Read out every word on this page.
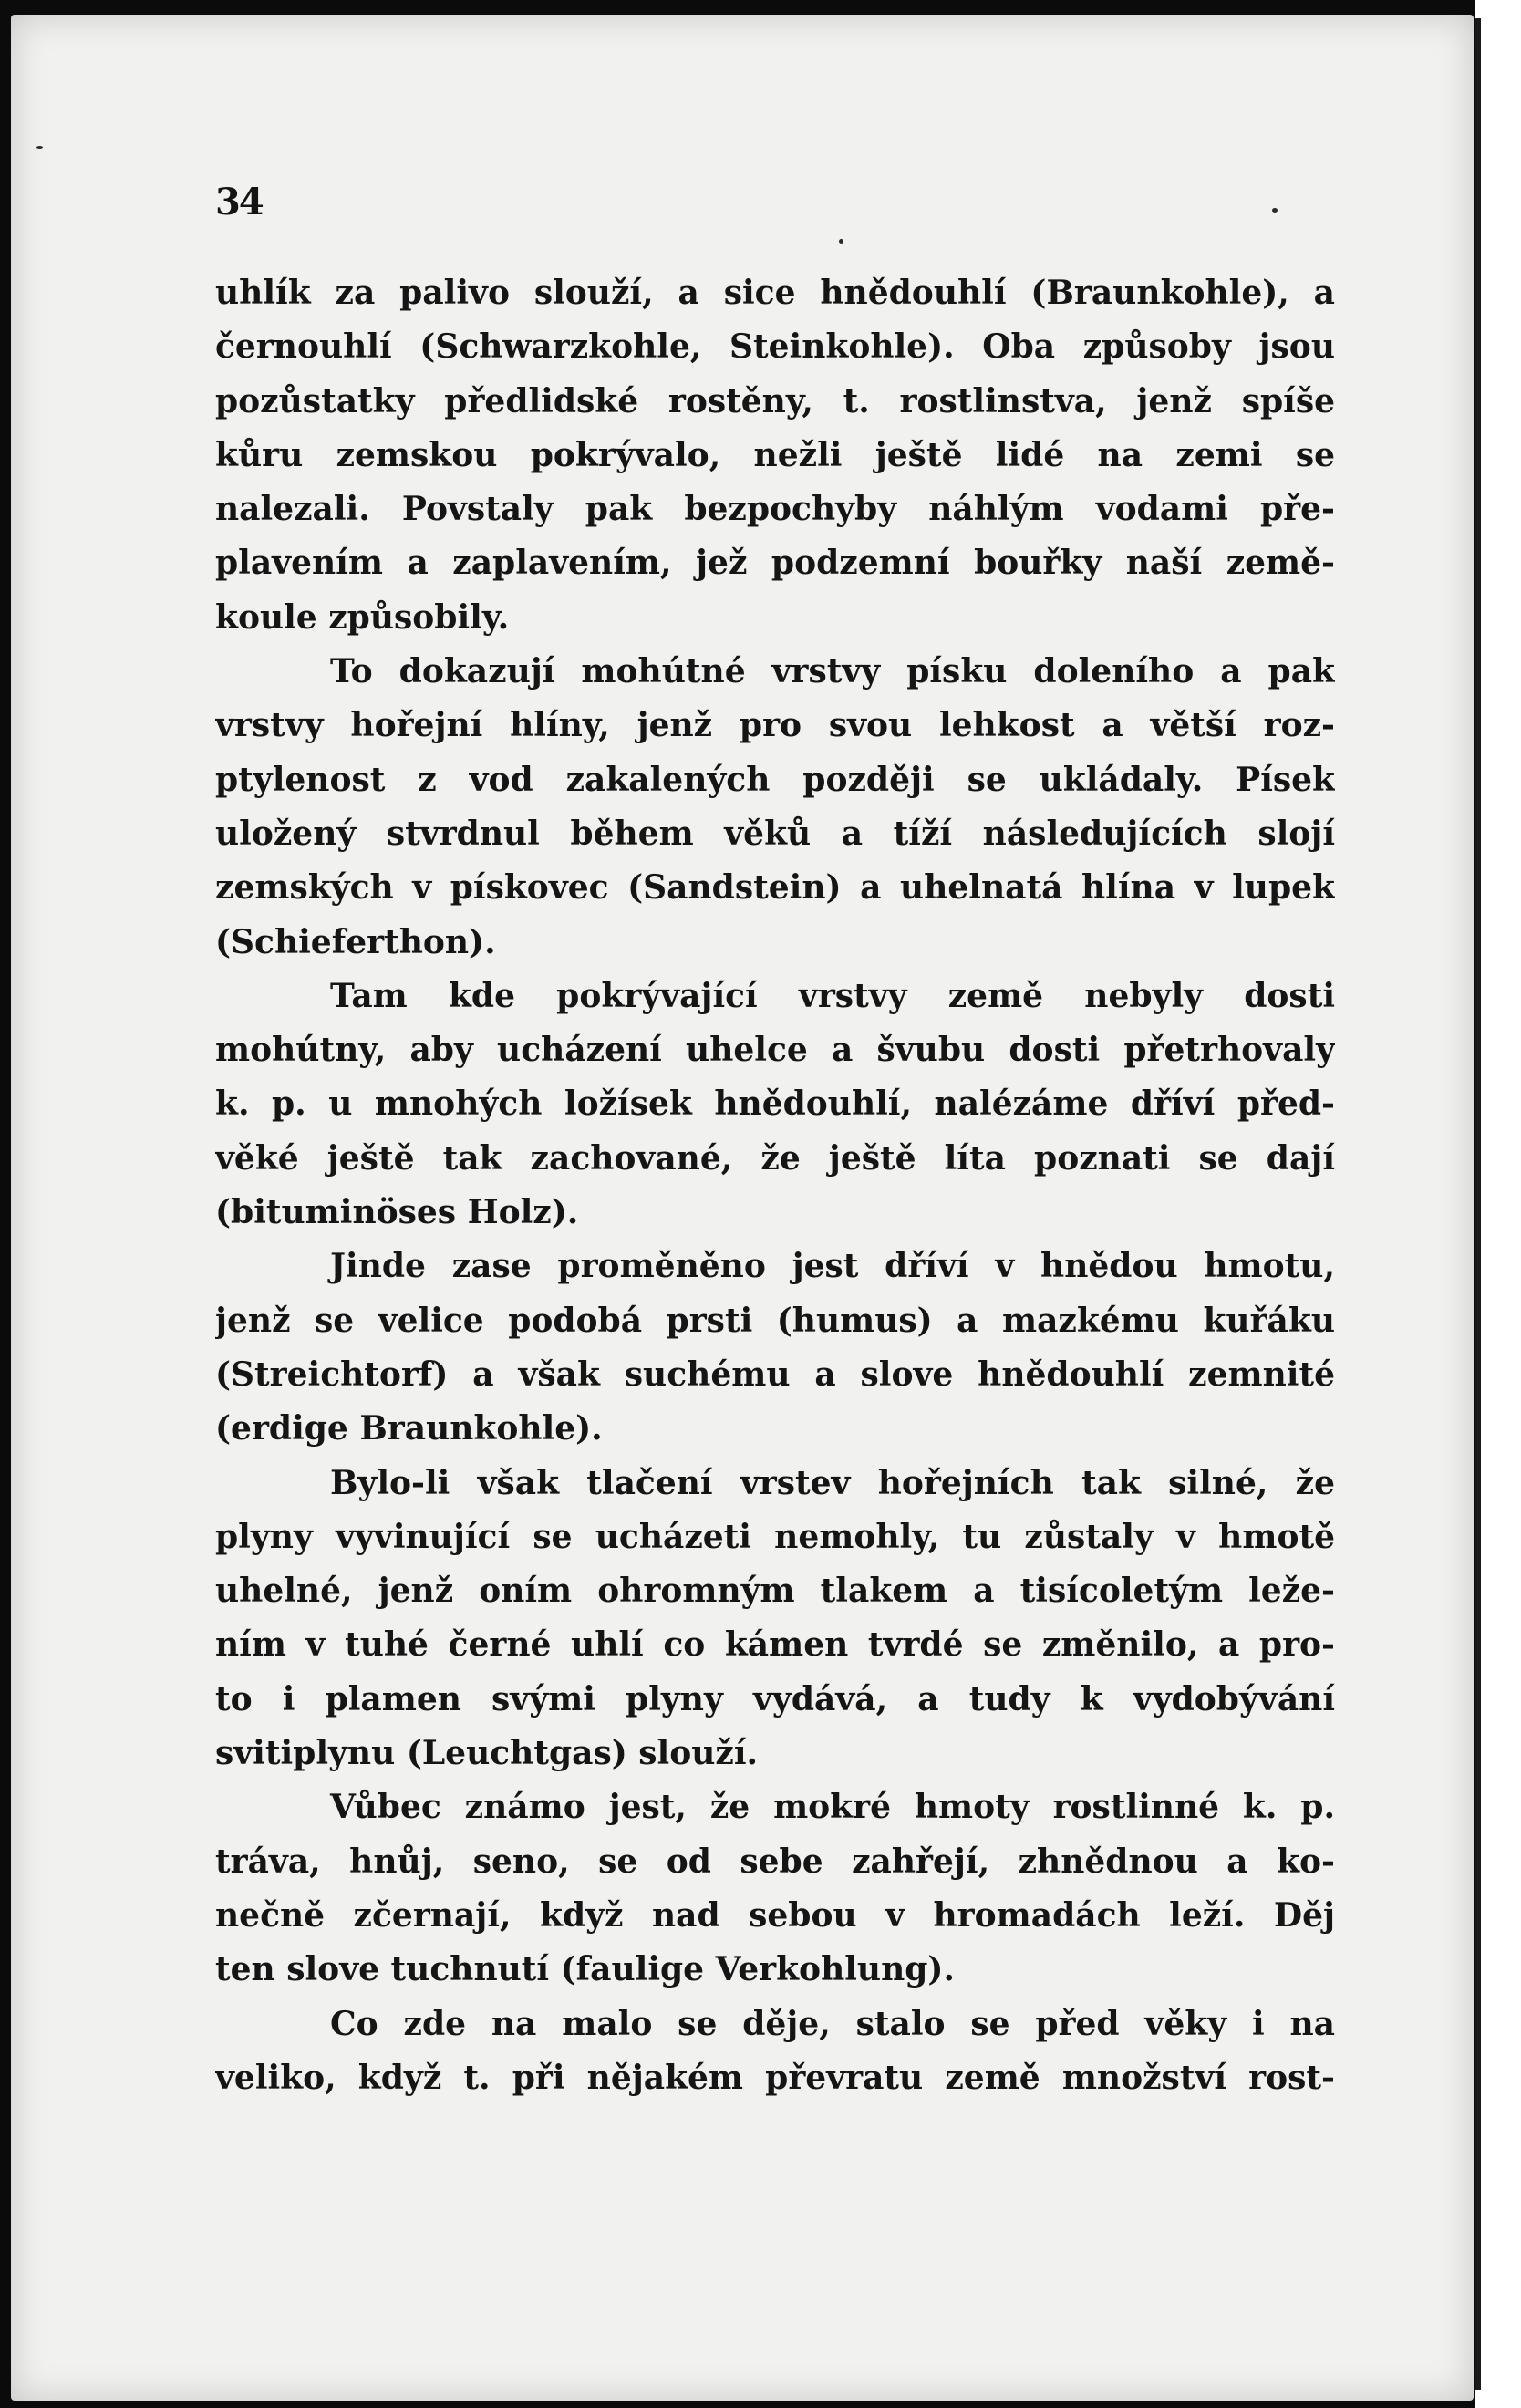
34
uhlík za palivo slouží, a sice hnědouhlí (Braunkohle), a
černouhlí (Schwarzkohle, Steinkohle). Oba způsoby jsou
pozůstatky předlidské rostěny, t. rostlinstva, jenž spíše
kůru zemskou pokrývalo, nežli ještě lidé na zemi se
nalezali. Povstaly pak bezpochyby náhlým vodami pře-
plavením a zaplavením, jež podzemní bouřky naší země-
koule způsobily.
To dokazují mohútné vrstvy písku doleního a pak
vrstvy hořejní hlíny, jenž pro svou lehkost a větší roz-
ptylenost z vod zakalených později se ukládaly. Písek
uložený stvrdnul během věků a tíží následujících slojí
zemských v pískovec (Sandstein) a uhelnatá hlína v lupek
(Schieferthon).
Tam kde pokrývající vrstvy země nebyly dosti
mohútny, aby ucházení uhelce a švubu dosti přetrhovaly
k. p. u mnohých ložísek hnědouhlí, nalézáme dříví před-
věké ještě tak zachované, že ještě líta poznati se dají
(bituminöses Holz).
Jinde zase proměněno jest dříví v hnědou hmotu,
jenž se velice podobá prsti (humus) a mazkému kuřáku
(Streichtorf) a však suchému a slove hnědouhlí zemnité
(erdige Braunkohle).
Bylo-li však tlačení vrstev hořejních tak silné, že
plyny vyvinující se ucházeti nemohly, tu zůstaly v hmotě
uhelné, jenž oním ohromným tlakem a tisícoletým leže-
ním v tuhé černé uhlí co kámen tvrdé se změnilo, a pro-
to i plamen svými plyny vydává, a tudy k vydobývání
svitiplynu (Leuchtgas) slouží.
Vůbec známo jest, že mokré hmoty rostlinné k. p.
tráva, hnůj, seno, se od sebe zahřejí, zhnědnou a ko-
nečně zčernají, když nad sebou v hromadách leží. Děj
ten slove tuchnutí (faulige Verkohlung).
Co zde na malo se děje, stalo se před věky i na
veliko, když t. při nějakém převratu země množství rost-
